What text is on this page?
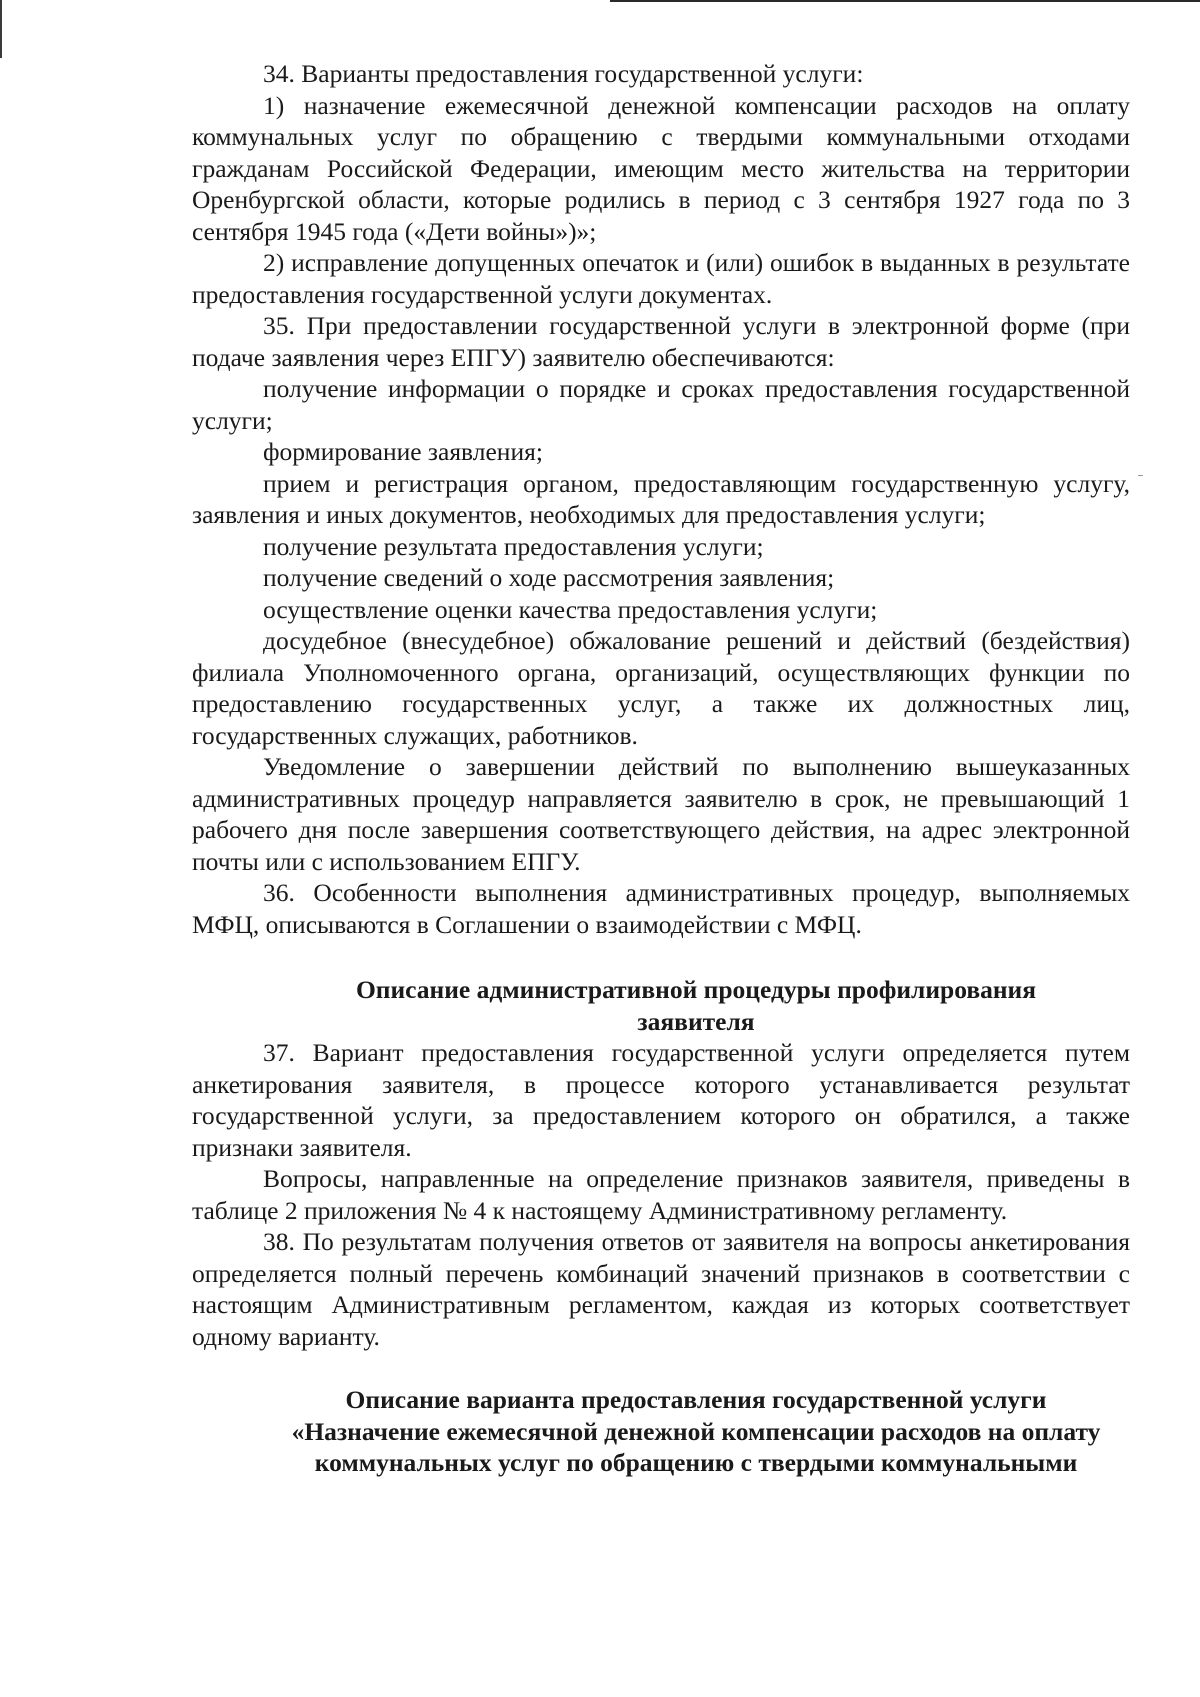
34. Варианты предоставления государственной услуги:

1) назначение ежемесячной денежной компенсации расходов на оплату коммунальных услуг по обращению с твердыми коммунальными отходами гражданам Российской Федерации, имеющим место жительства на территории Оренбургской области, которые родились в период с 3 сентября 1927 года по 3 сентября 1945 года («Дети войны»)»;

2) исправление допущенных опечаток и (или) ошибок в выданных в результате предоставления государственной услуги документах.

35. При предоставлении государственной услуги в электронной форме (при подаче заявления через ЕПГУ) заявителю обеспечиваются:

получение информации о порядке и сроках предоставления государственной услуги;

формирование заявления;

прием и регистрация органом, предоставляющим государственную услугу, заявления и иных документов, необходимых для предоставления услуги;

получение результата предоставления услуги;

получение сведений о ходе рассмотрения заявления;

осуществление оценки качества предоставления услуги;

досудебное (внесудебное) обжалование решений и действий (бездействия) филиала Уполномоченного органа, организаций, осуществляющих функции по предоставлению государственных услуг, а также их должностных лиц, государственных служащих, работников.

Уведомление о завершении действий по выполнению вышеуказанных административных процедур направляется заявителю в срок, не превышающий 1 рабочего дня после завершения соответствующего действия, на адрес электронной почты или с использованием ЕПГУ.

36. Особенности выполнения административных процедур, выполняемых МФЦ, описываются в Соглашении о взаимодействии с МФЦ.

Описание административной процедуры профилирования
заявителя

37. Вариант предоставления государственной услуги определяется путем анкетирования заявителя, в процессе которого устанавливается результат государственной услуги, за предоставлением которого он обратился, а также признаки заявителя.

Вопросы, направленные на определение признаков заявителя, приведены в таблице 2 приложения № 4 к настоящему Административному регламенту.

38. По результатам получения ответов от заявителя на вопросы анкетирования определяется полный перечень комбинаций значений признаков в соответствии с настоящим Административным регламентом, каждая из которых соответствует одному варианту.

Описание варианта предоставления государственной услуги
«Назначение ежемесячной денежной компенсации расходов на оплату
коммунальных услуг по обращению с твердыми коммунальными
